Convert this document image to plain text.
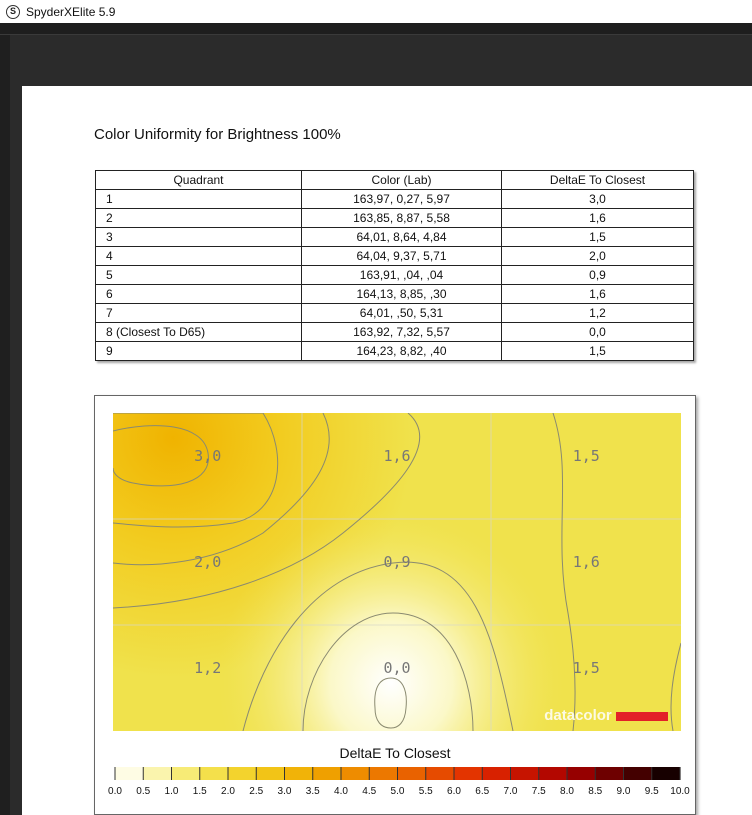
S SpyderXElite 5.9
Color Uniformity for Brightness 100%
Quadrant	Color (Lab)	DeltaE To Closest
1	163,97, 0,27, 5,97	3,0
2	163,85, 8,87, 5,58	1,6
3	64,01, 8,64, 4,84	1,5
4	64,04, 9,37, 5,71	2,0
5	163,91, ,04, ,04	0,9
6	164,13, 8,85, ,30	1,6
7	64,01, ,50, 5,31	1,2
8 (Closest To D65)	163,92, 7,32, 5,57	0,0
9	164,23, 8,82, ,40	1,5
3,0	1,6	1,5
2,0	0,9	1,6
1,2	0,0	1,5
datacolor
DeltaE To Closest
0.0 0.5 1.0 1.5 2.0 2.5 3.0 3.5 4.0 4.5 5.0 5.5 6.0 6.5 7.0 7.5 8.0 8.5 9.0 9.5 10.0
